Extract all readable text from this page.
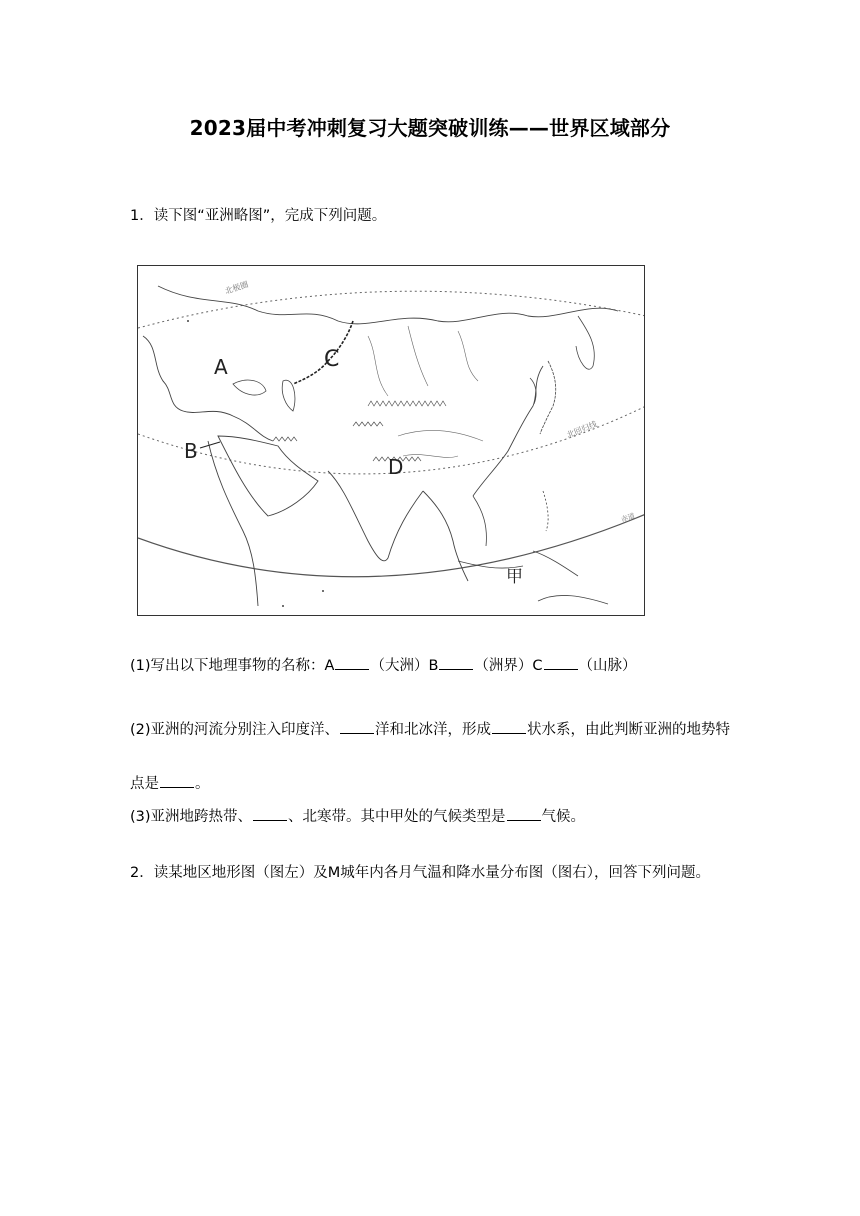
2023届中考冲刺复习大题突破训练——世界区域部分
1．读下图“亚洲略图”，完成下列问题。
北极圈
北回归线
赤道
A
B
C
D
甲
(1)写出以下地理事物的名称：A （大洲）B （洲界）C （山脉）
(2)亚洲的河流分别注入印度洋、 洋和北冰洋，形成 状水系，由此判断亚洲的地势特点是 。
(3)亚洲地跨热带、 、北寒带。其中甲处的气候类型是 气候。
2．读某地区地形图（图左）及M城年内各月气温和降水量分布图（图右），回答下列问题。
